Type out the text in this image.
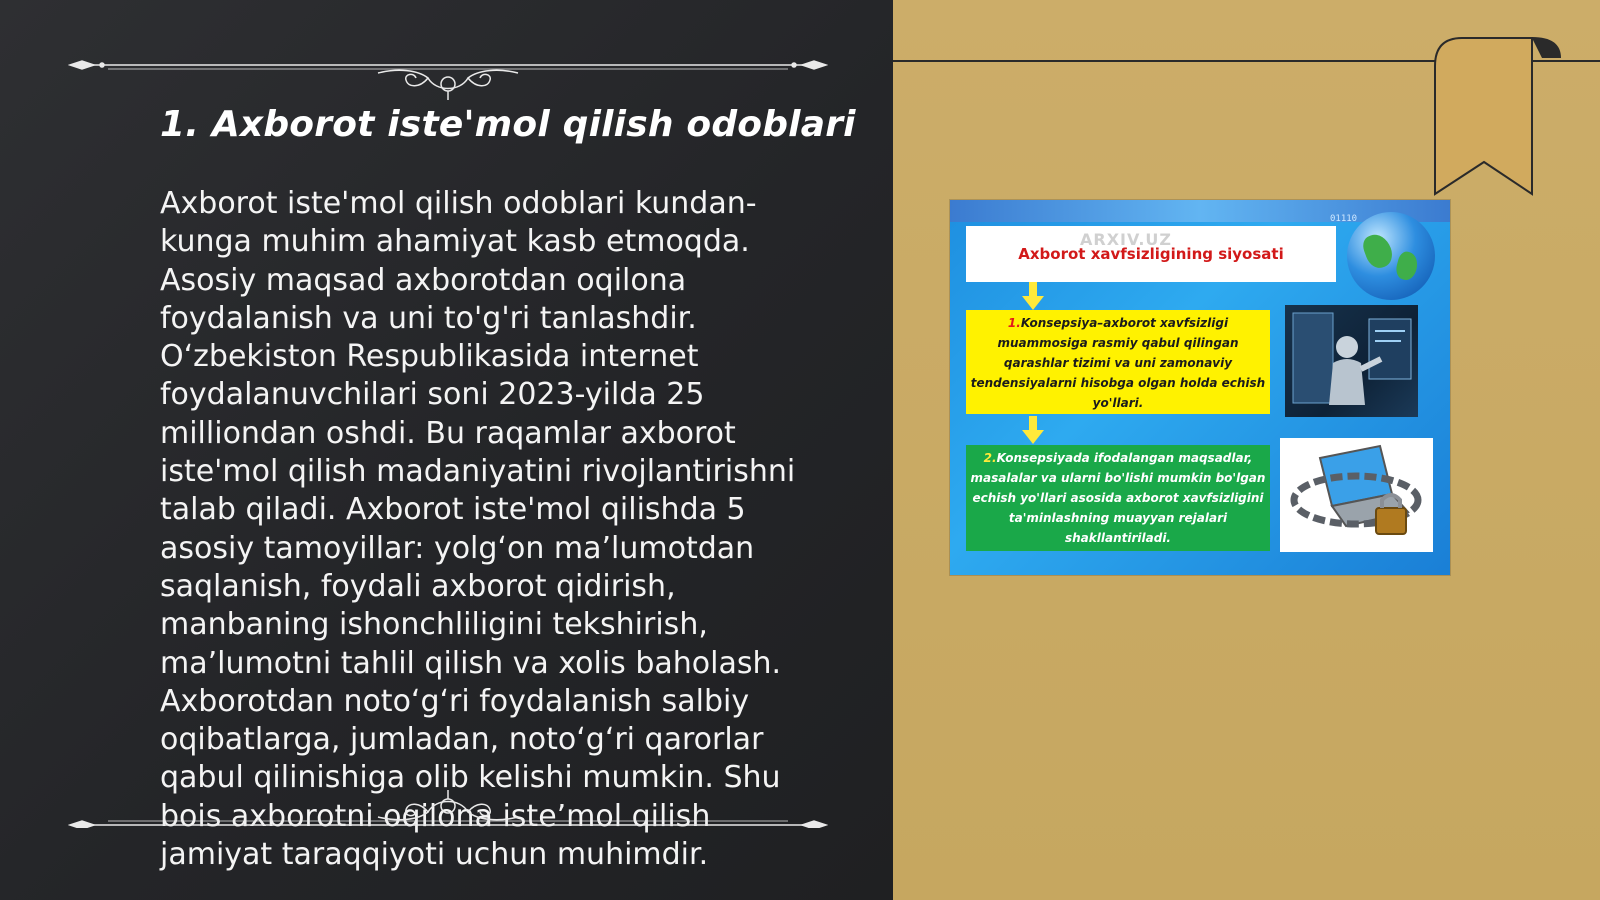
1. Axborot iste'mol qilish odoblari
Axborot iste'mol qilish odoblari kundan-kunga muhim ahamiyat kasb etmoqda. Asosiy maqsad axborotdan oqilona foydalanish va uni to'g'ri tanlashdir. O‘zbekiston Respublikasida internet foydalanuvchilari soni 2023-yilda 25 milliondan oshdi. Bu raqamlar axborot iste'mol qilish madaniyatini rivojlantirishni talab qiladi. Axborot iste'mol qilishda 5 asosiy tamoyillar: yolg‘on ma’lumotdan saqlanish, foydali axborot qidirish, manbaning ishonchliligini tekshirish, ma’lumotni tahlil qilish va xolis baholash. Axborotdan noto‘g‘ri foydalanish salbiy oqibatlarga, jumladan, noto‘g‘ri qarorlar qabul qilinishiga olib kelishi mumkin. Shu bois axborotni oqilona iste’mol qilish jamiyat taraqqiyoti uchun muhimdir.
01110
Axborot xavfsizligining siyosati
ARXIV.UZ
1.Konsepsiya–axborot xavfsizligi muammosiga rasmiy qabul qilingan qarashlar tizimi va uni zamonaviy tendensiyalarni hisobga olgan holda echish yo'llari.
2.Konsepsiyada ifodalangan maqsadlar, masalalar va ularni bo'lishi mumkin bo'lgan echish yo'llari asosida axborot xavfsizligini ta'minlashning muayyan rejalari shakllantiriladi.
